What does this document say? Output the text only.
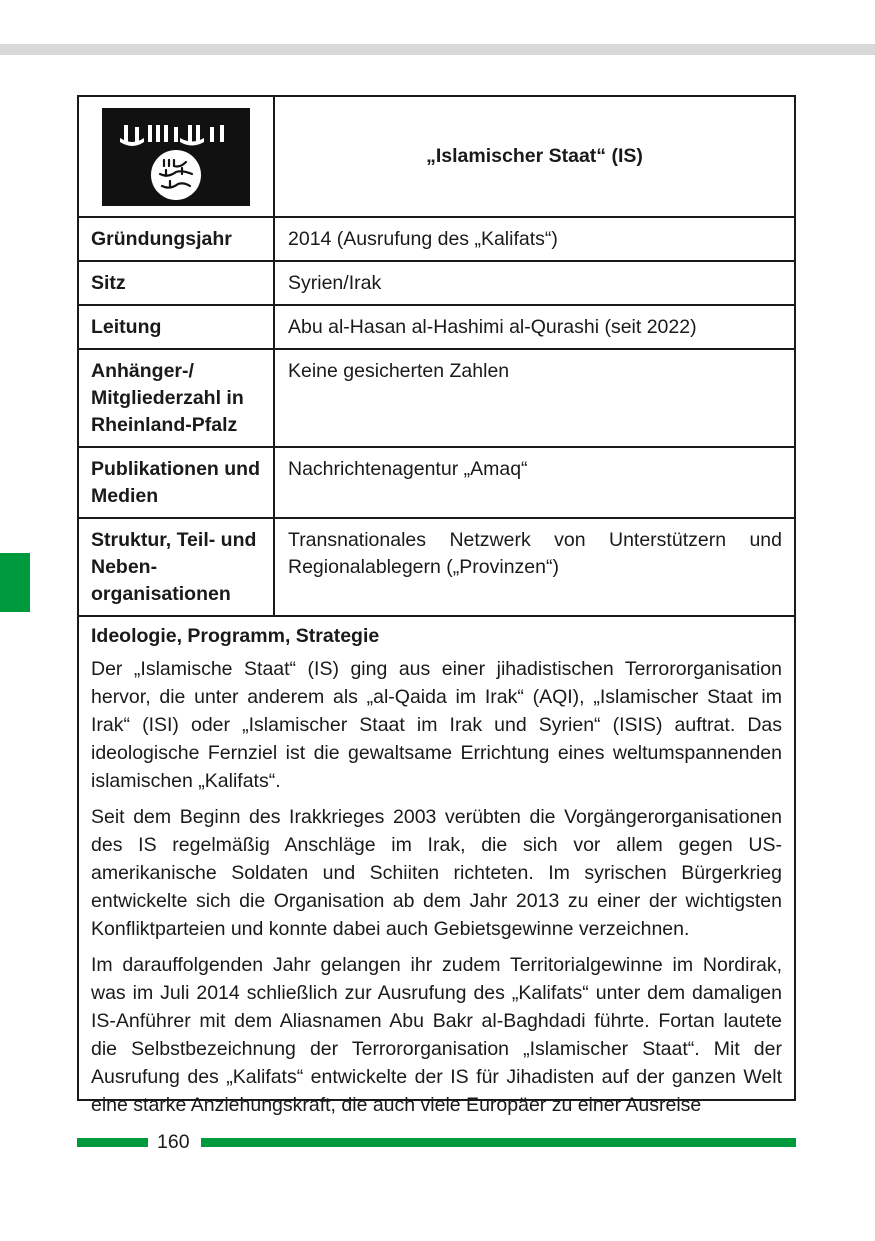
	„Islamischer Staat“ (IS)
Gründungsjahr	2014 (Ausrufung des „Kalifats“)
Sitz	Syrien/Irak
Leitung	Abu al-Hasan al-Hashimi al-Qurashi (seit 2022)
Anhänger-/ Mitgliederzahl in Rheinland-Pfalz	Keine gesicherten Zahlen
Publikationen und Medien	Nachrichtenagentur „Amaq“
Struktur, Teil- und Nebenorganisationen	Transnationales Netzwerk von Unterstützern und Regionalablegern („Provinzen“)
Ideologie, Programm, Strategie

Der „Islamische Staat“ (IS) ging aus einer jihadistischen Terrororganisation hervor, die unter anderem als „al-Qaida im Irak“ (AQI), „Islamischer Staat im Irak“ (ISI) oder „Islamischer Staat im Irak und Syrien“ (ISIS) auftrat. Das ideologische Fernziel ist die gewaltsame Errichtung eines weltumspannenden islamischen „Kalifats“.

Seit dem Beginn des Irakkrieges 2003 verübten die Vorgängerorganisationen des IS regelmäßig Anschläge im Irak, die sich vor allem gegen US-amerikanische Soldaten und Schiiten richteten. Im syrischen Bürgerkrieg entwickelte sich die Organisation ab dem Jahr 2013 zu einer der wichtigsten Konfliktparteien und konnte dabei auch Gebietsgewinne verzeichnen.

Im darauffolgenden Jahr gelangen ihr zudem Territorialgewinne im Nordirak, was im Juli 2014 schließlich zur Ausrufung des „Kalifats“ unter dem damaligen IS-Anführer mit dem Aliasnamen Abu Bakr al-Baghdadi führte. Fortan lautete die Selbstbezeichnung der Terrororganisation „Islamischer Staat“. Mit der Ausrufung des „Kalifats“ entwickelte der IS für Jihadisten auf der ganzen Welt eine starke Anziehungskraft, die auch viele Europäer zu einer Ausreise

160
